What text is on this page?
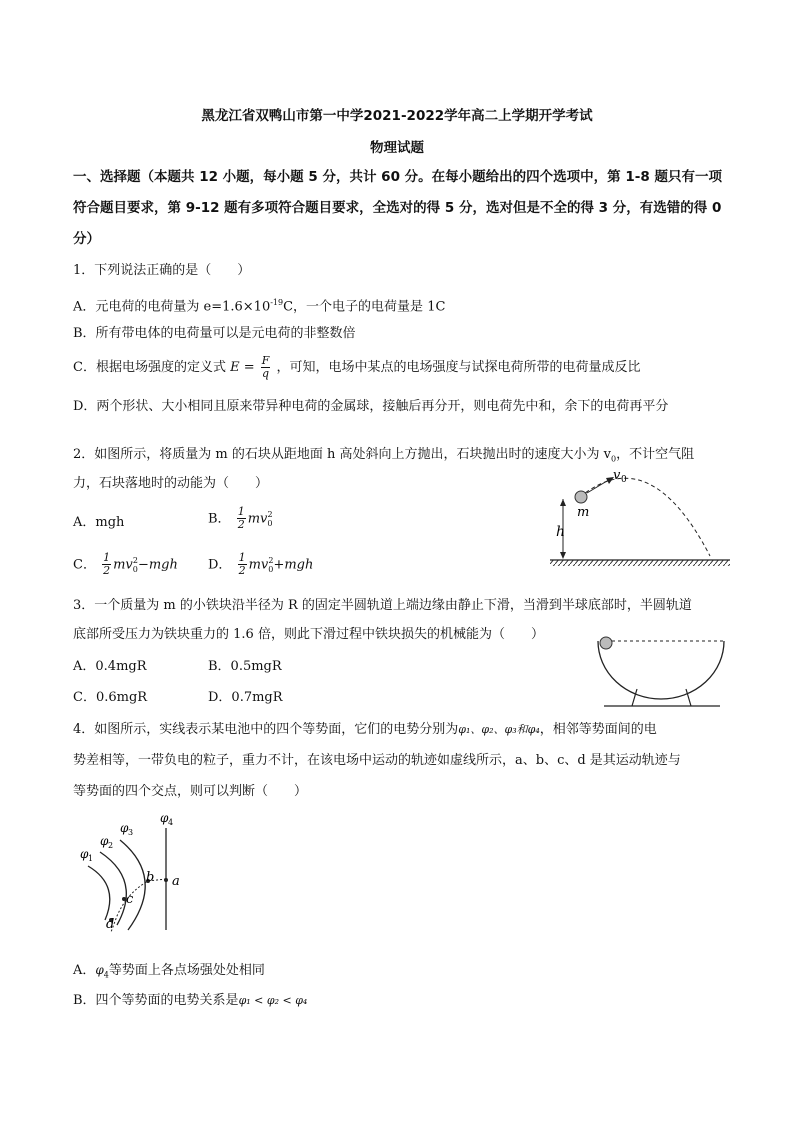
黑龙江省双鸭山市第一中学2021-2022学年高二上学期开学考试
物理试题
一、选择题（本题共 12 小题，每小题 5 分，共计 60 分。在每小题给出的四个选项中，第 1-8 题只有一项
符合题目要求，第 9-12 题有多项符合题目要求，全选对的得 5 分，选对但是不全的得 3 分，有选错的得 0
分）
1．下列说法正确的是（　　）
A．元电荷的电荷量为 $e=1.6\times 10^{-19}C$，一个电子的电荷量是 1C
B．所有带电体的电荷量可以是元电荷的非整数倍
C．根据电场强度的定义式 $E = \frac{F}{q}$ ，可知，电场中某点的电场强度与试探电荷所带的电荷量成反比
D．两个形状、大小相同且原来带异种电荷的金属球，接触后再分开，则电荷先中和，余下的电荷再平分
2．如图所示，将质量为 m 的石块从距地面 h 高处斜向上方抛出，石块抛出时的速度大小为 $v_0$，不计空气阻
力，石块落地时的动能为（　　）
A．mgh	B． $\frac{1}{2} mv_0^2$
C． $\frac{1}{2} mv_0^2-mgh$ D． $\frac{1}{2} mv_0^2+mgh$
m
h
v 0
3．一个质量为 m 的小铁块沿半径为 R 的固定半圆轨道上端边缘由静止下滑，当滑到半球底部时，半圆轨道
底部所受压力为铁块重力的 1.6 倍，则此下滑过程中铁块损失的机械能为（　　）
A．0.4mgR	B．0.5mgR
C．0.6mgR	D．0.7mgR
4．如图所示，实线表示某电池中的四个等势面，它们的电势分别为φ₁、φ₂、φ₃和φ₄，相邻等势面间的电
势差相等，一带负电的粒子，重力不计，在该电场中运动的轨迹如虚线所示，a、b、c、d 是其运动轨迹与
等势面的四个交点，则可以判断（　　）
a
b
c
d
φ 1
φ 2
φ 3
φ 4
A．$\varphi_4$等势面上各点场强处处相同
B．四个等势面的电势关系是φ₁ < φ₂ < φ₄
